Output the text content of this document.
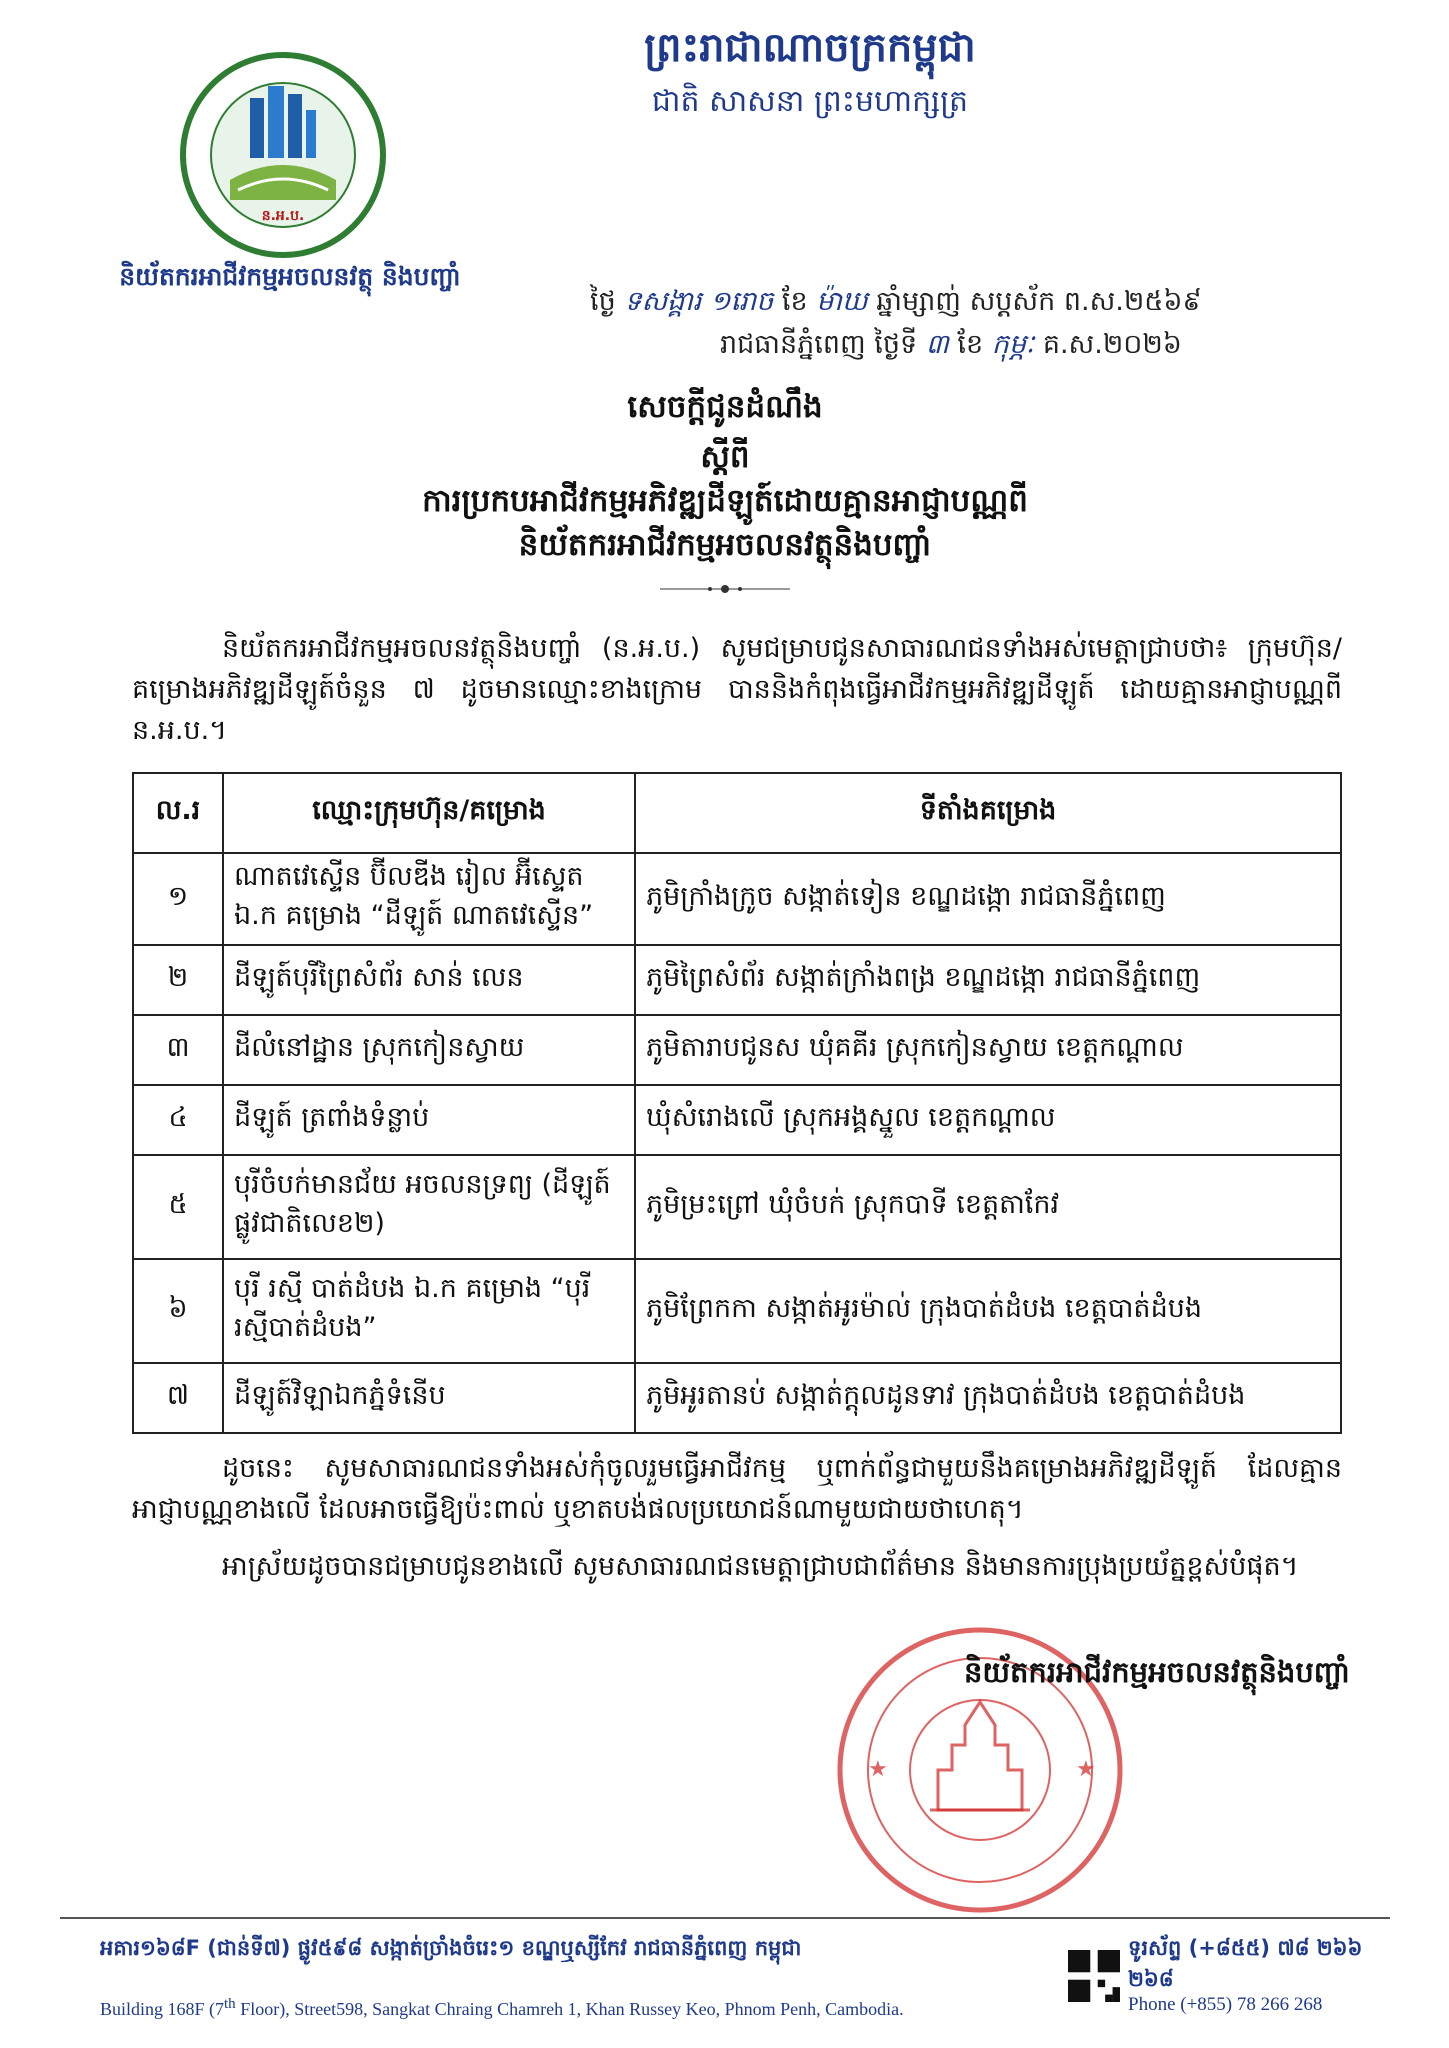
ព្រះរាជាណាចក្រកម្ពុជា
ជាតិ សាសនា ព្រះមហាក្សត្រ
ន.អ.ប.
និយ័តករអាជីវកម្មអចលនវត្ថុ និងបញ្ចាំ
ថ្ងៃ ទសង្គារ ១រោច ខែ ម៉ាឃ ឆ្នាំម្សាញ់ សប្តស័ក ព.ស.២៥៦៩
រាជធានីភ្នំពេញ ថ្ងៃទី ៣ ខែ កុម្ភៈ គ.ស.២០២៦
សេចក្ដីជូនដំណឹង
ស្ដីពី
ការប្រកបអាជីវកម្មអភិវឌ្ឍដីឡូត៍ដោយគ្មានអាជ្ញាបណ្ណពី
និយ័តករអាជីវកម្មអចលនវត្ថុនិងបញ្ចាំ
និយ័តករអាជីវកម្មអចលនវត្ថុនិងបញ្ចាំ (ន.អ.ប.) សូមជម្រាបជូនសាធារណជនទាំងអស់មេត្តាជ្រាបថា៖ ក្រុមហ៊ុន/គម្រោងអភិវឌ្ឍដីឡូត៍ចំនួន ៧ ដូចមានឈ្មោះខាងក្រោម បាននិងកំពុងធ្វើអាជីវកម្មអភិវឌ្ឍដីឡូត៍ ដោយគ្មានអាជ្ញាបណ្ណពី ន.អ.ប.។
ល.រ	ឈ្មោះក្រុមហ៊ុន/គម្រោង	ទីតាំងគម្រោង
១	ណាតវេស្ទើន ប៊ីលឌីង រៀល អ៊ីស្ទេត ឯ.ក គម្រោង “ដីឡូត៍ ណាតវេស្ទើន”	ភូមិក្រាំងក្រូច សង្កាត់ទៀន ខណ្ឌដង្កោ រាជធានីភ្នំពេញ
២	ដីឡូត៍បុរីព្រៃសំព័រ សាន់ លេន	ភូមិព្រៃសំព័រ សង្កាត់ក្រាំងពង្រ ខណ្ឌដង្កោ រាជធានីភ្នំពេញ
៣	ដីលំនៅដ្ឋាន ស្រុកកៀនស្វាយ	ភូមិតារាបជូនស ឃុំគគីរ ស្រុកកៀនស្វាយ ខេត្តកណ្ដាល
៤	ដីឡូត៍ ត្រពាំងទំន្លាប់	ឃុំសំរោងលើ ស្រុកអង្គស្នួល ខេត្តកណ្ដាល
៥	បុរីចំបក់មានជ័យ អចលនទ្រព្យ (ដីឡូត៍ផ្លូវជាតិលេខ២)	ភូមិម្រះព្រៅ ឃុំចំបក់ ស្រុកបាទី ខេត្តតាកែវ
៦	បុរី រស្មី បាត់ដំបង ឯ.ក គម្រោង “បុរីរស្មីបាត់ដំបង”	ភូមិព្រែកកា សង្កាត់អូរម៉ាល់ ក្រុងបាត់ដំបង ខេត្តបាត់ដំបង
៧	ដីឡូត៍វិឡាឯកភ្នំទំនើប	ភូមិអូរតានប់ សង្កាត់ក្ដុលដូនទាវ ក្រុងបាត់ដំបង ខេត្តបាត់ដំបង
ដូចនេះ សូមសាធារណជនទាំងអស់កុំចូលរួមធ្វើអាជីវកម្ម ឬពាក់ព័ន្ធជាមួយនឹងគម្រោងអភិវឌ្ឍដីឡូត៍ ដែលគ្មានអាជ្ញាបណ្ណខាងលើ ដែលអាចធ្វើឱ្យប៉ះពាល់ ឬខាតបង់ផលប្រយោជន៍ណាមួយជាយថាហេតុ។
អាស្រ័យដូចបានជម្រាបជូនខាងលើ សូមសាធារណជនមេត្តាជ្រាបជាព័ត៌មាន និងមានការប្រុងប្រយ័ត្នខ្ពស់បំផុត។
★	★
និយ័តករអាជីវកម្មអចលនវត្ថុនិងបញ្ចាំ
អគារ១៦៨F (ជាន់ទី៧) ផ្លូវ៥៩៨ សង្កាត់ច្រាំងចំរេះ១ ខណ្ឌឬស្សីកែវ រាជធានីភ្នំពេញ កម្ពុជា
Building 168F (7th Floor), Street598, Sangkat Chraing Chamreh 1, Khan Russey Keo, Phnom Penh, Cambodia.
ទូរស័ព្ទ (+៨៥៥) ៧៨ ២៦៦ ២៦៨
Phone (+855) 78 266 268
